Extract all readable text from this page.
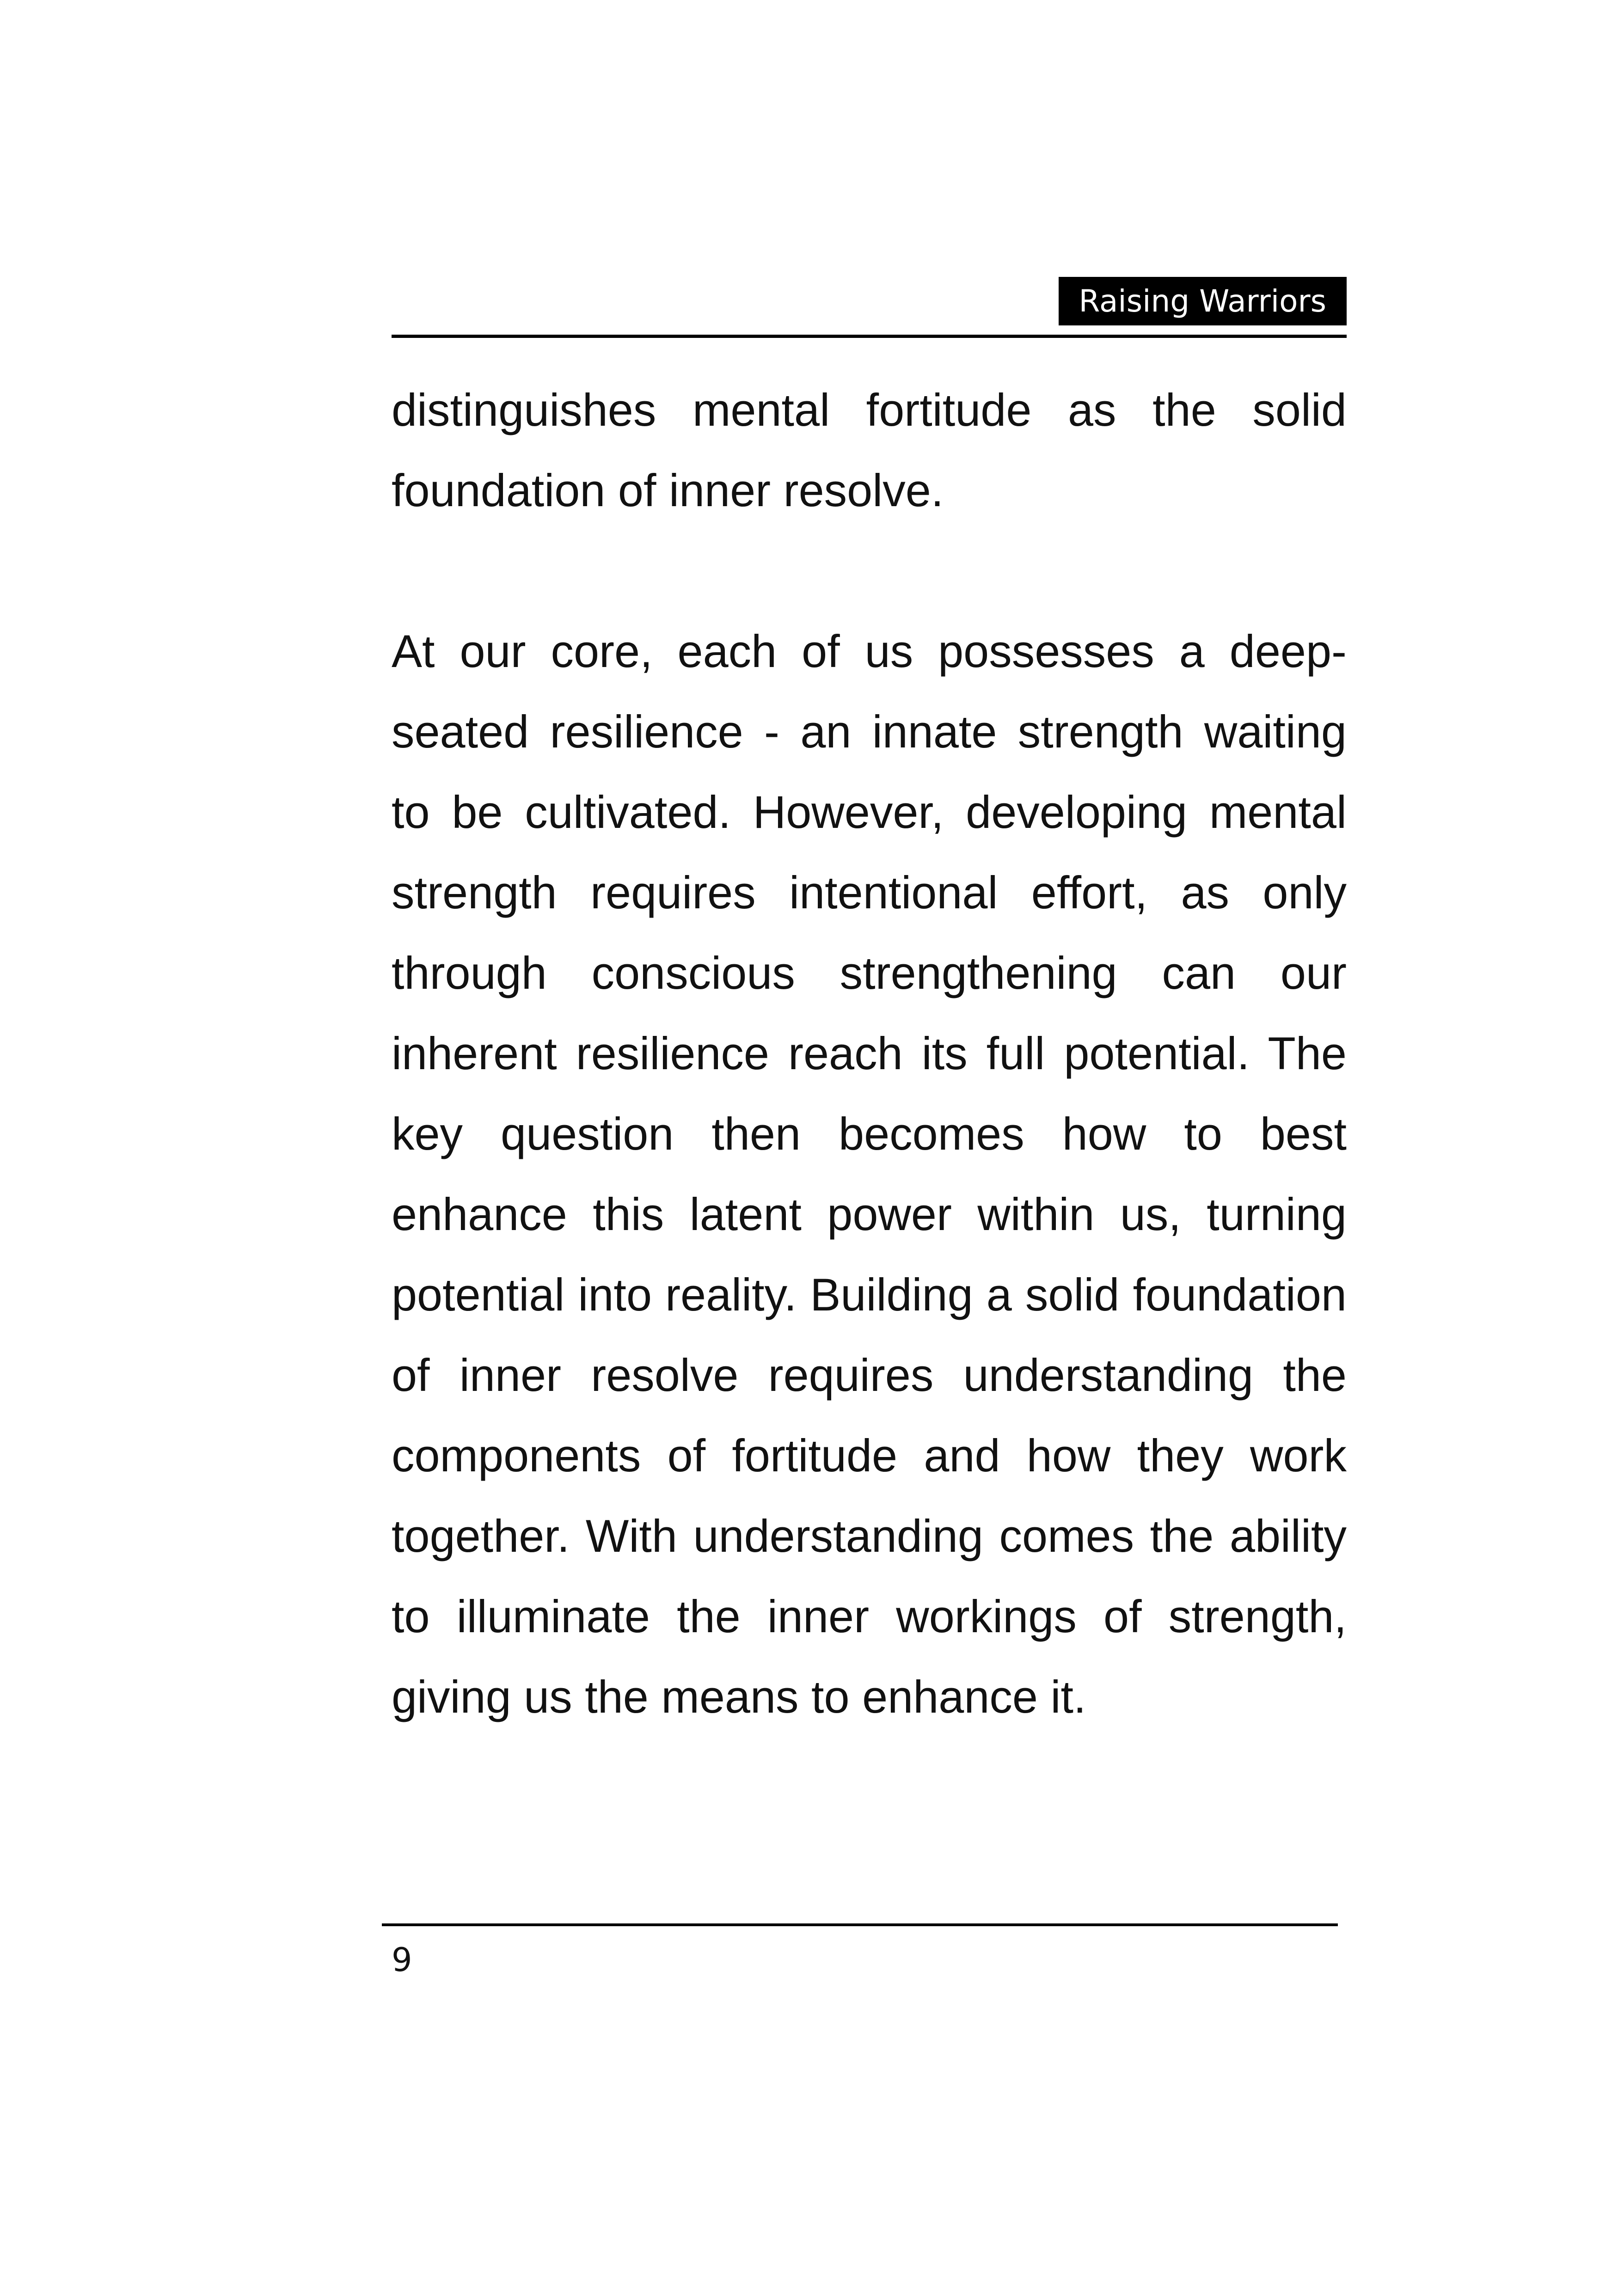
Raising Warriors

distinguishes mental fortitude as the solid foundation of inner resolve.

At our core, each of us possesses a deep-seated resilience - an innate strength waiting to be cultivated. However, developing mental strength requires intentional effort, as only through conscious strengthening can our inherent resilience reach its full potential. The key question then becomes how to best enhance this latent power within us, turning potential into reality. Building a solid foundation of inner resolve requires understanding the components of fortitude and how they work together. With understanding comes the ability to illuminate the inner workings of strength, giving us the means to enhance it.

9
